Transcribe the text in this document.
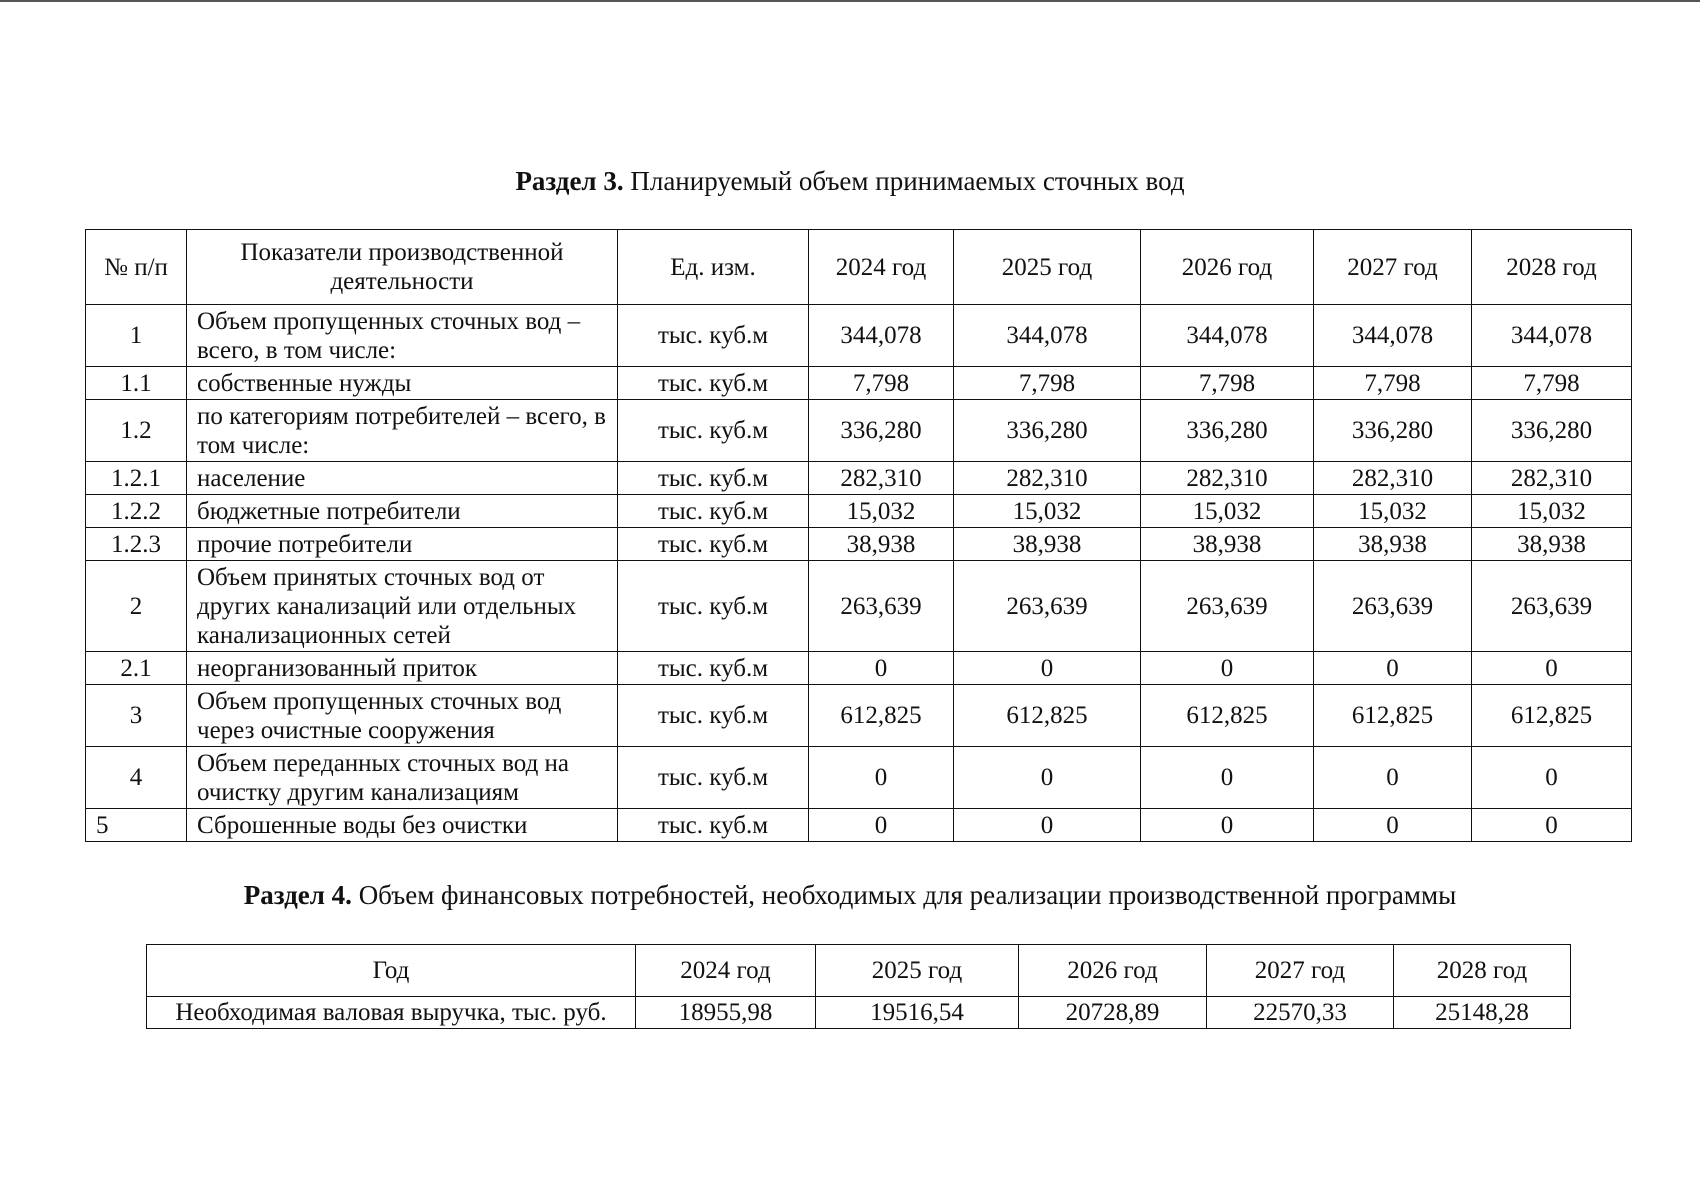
Раздел 3. Планируемый объем принимаемых сточных вод
№ п/п	Показатели производственной деятельности	Ед. изм.	2024 год	2025 год	2026 год	2027 год	2028 год
1	Объем пропущенных сточных вод – всего, в том числе:	тыс. куб.м	344,078	344,078	344,078	344,078	344,078
1.1	собственные нужды	тыс. куб.м	7,798	7,798	7,798	7,798	7,798
1.2	по категориям потребителей – всего, в том числе:	тыс. куб.м	336,280	336,280	336,280	336,280	336,280
1.2.1	население	тыс. куб.м	282,310	282,310	282,310	282,310	282,310
1.2.2	бюджетные потребители	тыс. куб.м	15,032	15,032	15,032	15,032	15,032
1.2.3	прочие потребители	тыс. куб.м	38,938	38,938	38,938	38,938	38,938
2	Объем принятых сточных вод от других канализаций или отдельных канализационных сетей	тыс. куб.м	263,639	263,639	263,639	263,639	263,639
2.1	неорганизованный приток	тыс. куб.м	0	0	0	0	0
3	Объем пропущенных сточных вод через очистные сооружения	тыс. куб.м	612,825	612,825	612,825	612,825	612,825
4	Объем переданных сточных вод на очистку другим канализациям	тыс. куб.м	0	0	0	0	0
5	Сброшенные воды без очистки	тыс. куб.м	0	0	0	0	0
Раздел 4. Объем финансовых потребностей, необходимых для реализации производственной программы
Год	2024 год	2025 год	2026 год	2027 год	2028 год
Необходимая валовая выручка, тыс. руб.	18955,98	19516,54	20728,89	22570,33	25148,28
